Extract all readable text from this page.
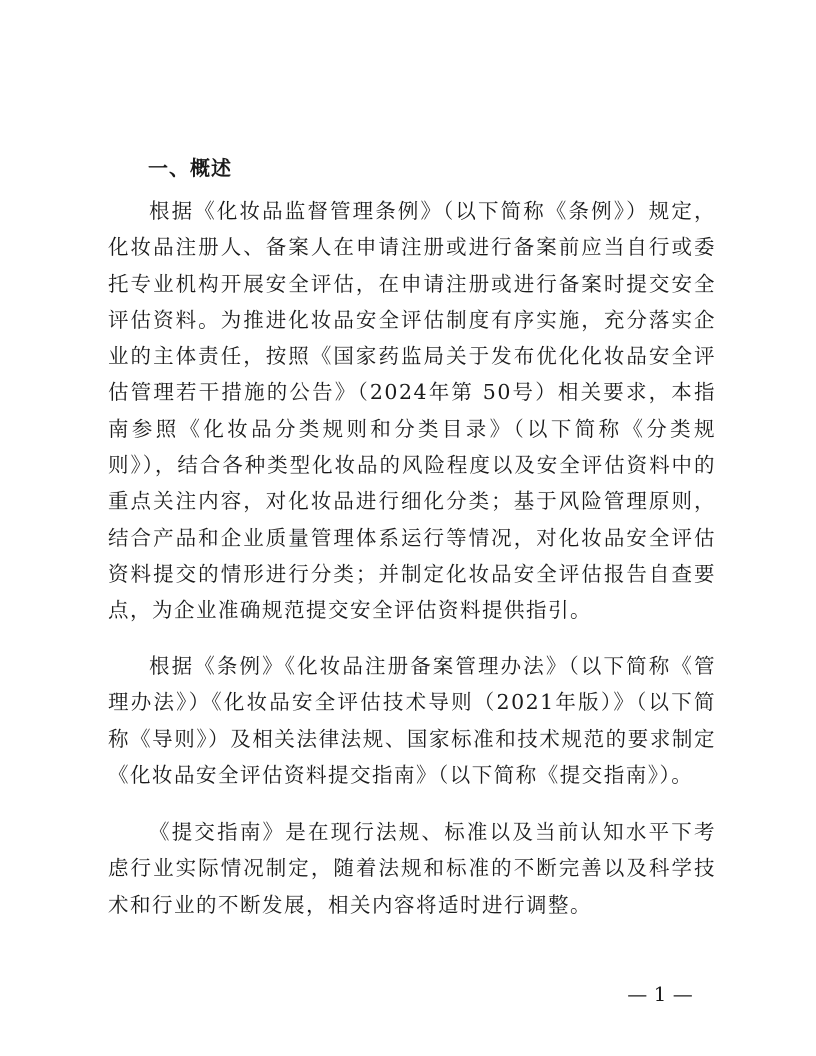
一、概述

根据《化妆品监督管理条例》（以下简称《条例》）规定，化妆品注册人、备案人在申请注册或进行备案前应当自行或委托专业机构开展安全评估，在申请注册或进行备案时提交安全评估资料。为推进化妆品安全评估制度有序实施，充分落实企业的主体责任，按照《国家药监局关于发布优化化妆品安全评估管理若干措施的公告》（2024年第 50号）相关要求，本指南参照《化妆品分类规则和分类目录》（以下简称《分类规则》），结合各种类型化妆品的风险程度以及安全评估资料中的重点关注内容，对化妆品进行细化分类；基于风险管理原则，结合产品和企业质量管理体系运行等情况，对化妆品安全评估资料提交的情形进行分类；并制定化妆品安全评估报告自查要点，为企业准确规范提交安全评估资料提供指引。

根据《条例》《化妆品注册备案管理办法》（以下简称《管理办法》）《化妆品安全评估技术导则（2021年版）》（以下简称《导则》）及相关法律法规、国家标准和技术规范的要求制定《化妆品安全评估资料提交指南》（以下简称《提交指南》）。

《提交指南》是在现行法规、标准以及当前认知水平下考虑行业实际情况制定，随着法规和标准的不断完善以及科学技术和行业的不断发展，相关内容将适时进行调整。

— 1 —
